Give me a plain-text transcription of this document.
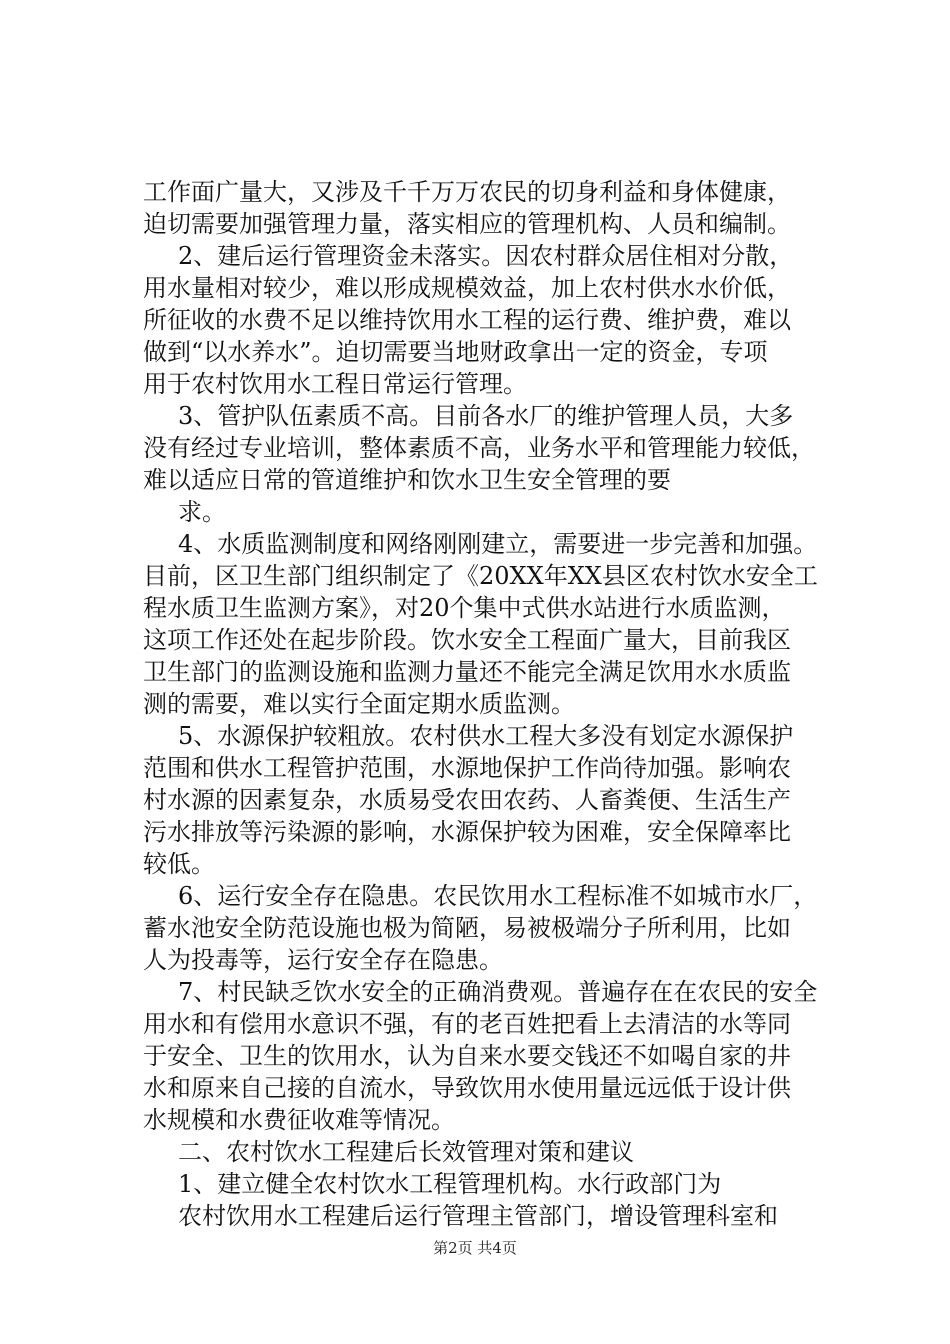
工作面广量大，又涉及千千万万农民的切身利益和身体健康，
迫切需要加强管理力量，落实相应的管理机构、人员和编制。
2、建后运行管理资金未落实。因农村群众居住相对分散，
用水量相对较少，难以形成规模效益，加上农村供水水价低，
所征收的水费不足以维持饮用水工程的运行费、维护费，难以
做到“以水养水”。迫切需要当地财政拿出一定的资金，专项
用于农村饮用水工程日常运行管理。
3、管护队伍素质不高。目前各水厂的维护管理人员，大多
没有经过专业培训，整体素质不高，业务水平和管理能力较低，
难以适应日常的管道维护和饮水卫生安全管理的要
求。
4、水质监测制度和网络刚刚建立，需要进一步完善和加强。
目前，区卫生部门组织制定了《20XX年XX县区农村饮水安全工
程水质卫生监测方案》，对20个集中式供水站进行水质监测，
这项工作还处在起步阶段。饮水安全工程面广量大，目前我区
卫生部门的监测设施和监测力量还不能完全满足饮用水水质监
测的需要，难以实行全面定期水质监测。
5、水源保护较粗放。农村供水工程大多没有划定水源保护
范围和供水工程管护范围，水源地保护工作尚待加强。影响农
村水源的因素复杂，水质易受农田农药、人畜粪便、生活生产
污水排放等污染源的影响，水源保护较为困难，安全保障率比
较低。
6、运行安全存在隐患。农民饮用水工程标准不如城市水厂，
蓄水池安全防范设施也极为简陋，易被极端分子所利用，比如
人为投毒等，运行安全存在隐患。
7、村民缺乏饮水安全的正确消费观。普遍存在在农民的安全
用水和有偿用水意识不强，有的老百姓把看上去清洁的水等同
于安全、卫生的饮用水，认为自来水要交钱还不如喝自家的井
水和原来自己接的自流水，导致饮用水使用量远远低于设计供
水规模和水费征收难等情况。
二、农村饮水工程建后长效管理对策和建议
1、建立健全农村饮水工程管理机构。水行政部门为
农村饮用水工程建后运行管理主管部门，增设管理科室和
第2页 共4页
